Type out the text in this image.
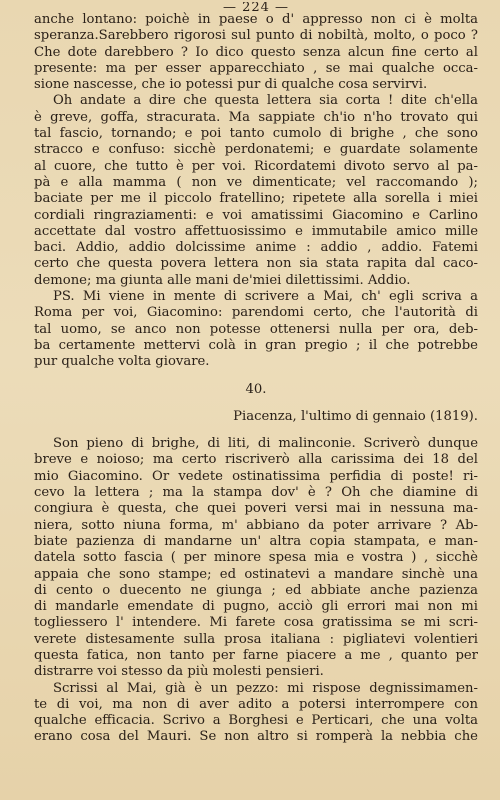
— 224 —
anche lontano: poichè in paese o d' appresso non ci è molta
speranza.Sarebbero rigorosi sul punto di nobiltà, molto, o poco ?
Che dote darebbero ? Io dico questo senza alcun fine certo al
presente: ma per esser apparecchiato , se mai qualche occa-
sione nascesse, che io potessi pur di qualche cosa servirvi.
Oh andate a dire che questa lettera sia corta ! dite ch'ella
è greve, goffa, stracurata. Ma sappiate ch'io n'ho trovato qui
tal fascio, tornando; e poi tanto cumolo di brighe , che sono
stracco e confuso: sicchè perdonatemi; e guardate solamente
al cuore, che tutto è per voi. Ricordatemi divoto servo al pa-
pà e alla mamma ( non ve dimenticate; vel raccomando );
baciate per me il piccolo fratellino; ripetete alla sorella i miei
cordiali ringraziamenti: e voi amatissimi Giacomino e Carlino
accettate dal vostro affettuosissimo e immutabile amico mille
baci. Addio, addio dolcissime anime : addio , addio. Fatemi
certo che questa povera lettera non sia stata rapita dal caco-
demone; ma giunta alle mani de'miei dilettissimi. Addio.
PS. Mi viene in mente di scrivere a Mai, ch' egli scriva a
Roma per voi, Giacomino: parendomi certo, che l'autorità di
tal uomo, se anco non potesse ottenersi nulla per ora, deb-
ba certamente mettervi colà in gran pregio ; il che potrebbe
pur qualche volta giovare.
40.
Piacenza, l'ultimo di gennaio (1819).
Son pieno di brighe, di liti, di malinconie. Scriverò dunque
breve e noioso; ma certo riscriverò alla carissima dei 18 del
mio Giacomino. Or vedete ostinatissima perfidia di poste! ri-
cevo la lettera ; ma la stampa dov' è ? Oh che diamine di
congiura è questa, che quei poveri versi mai in nessuna ma-
niera, sotto niuna forma, m' abbiano da poter arrivare ? Ab-
biate pazienza di mandarne un' altra copia stampata, e man-
datela sotto fascia ( per minore spesa mia e vostra ) , sicchè
appaia che sono stampe; ed ostinatevi a mandare sinchè una
di cento o duecento ne giunga ; ed abbiate anche pazienza
di mandarle emendate di pugno, acciò gli errori mai non mi
togliessero l' intendere. Mi farete cosa gratissima se mi scri-
verete distesamente sulla prosa italiana : pigliatevi volentieri
questa fatica, non tanto per farne piacere a me , quanto per
distrarre voi stesso da più molesti pensieri.
Scrissi al Mai, già è un pezzo: mi rispose degnissimamen-
te di voi, ma non di aver adito a potersi interrompere con
qualche efficacia. Scrivo a Borghesi e Perticari, che una volta
erano cosa del Mauri. Se non altro si romperà la nebbia che
